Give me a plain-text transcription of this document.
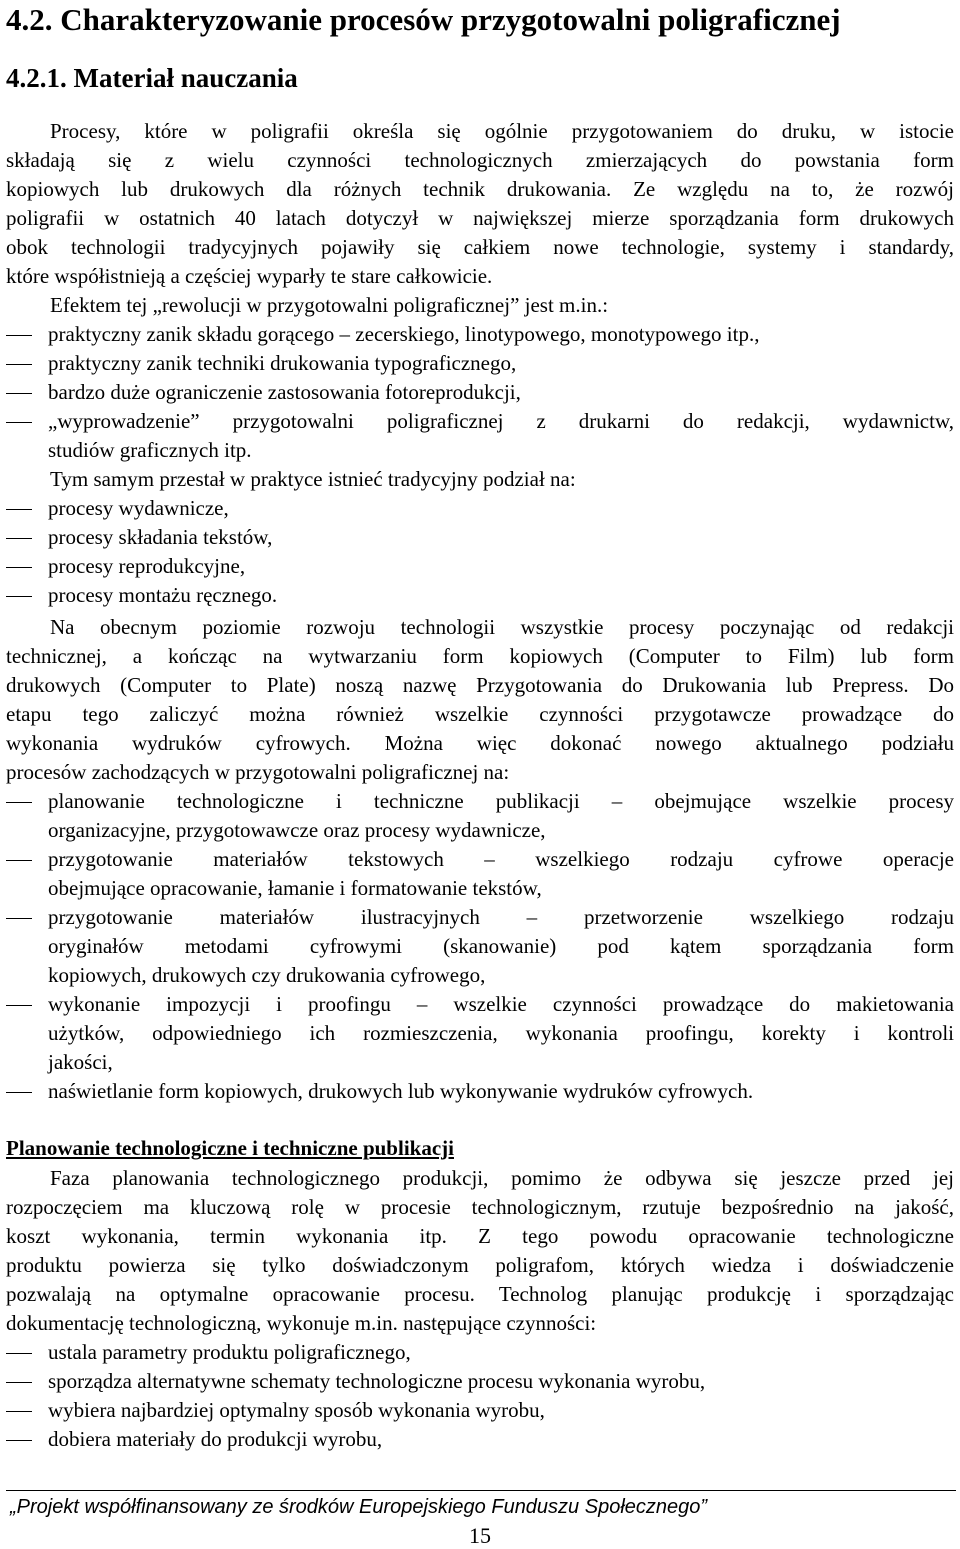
4.2. Charakteryzowanie procesów przygotowalni poligraficznej
4.2.1. Materiał nauczania
Procesy, które w poligrafii określa się ogólnie przygotowaniem do druku, w istocie
składają się z wielu czynności technologicznych zmierzających do powstania form
kopiowych lub drukowych dla różnych technik drukowania. Ze względu na to, że rozwój
poligrafii w ostatnich 40 latach dotyczył w największej mierze sporządzania form drukowych
obok technologii tradycyjnych pojawiły się całkiem nowe technologie, systemy i standardy,
które współistnieją a częściej wyparły te stare całkowicie.
Efektem tej „rewolucji w przygotowalni poligraficznej” jest m.in.:
praktyczny zanik składu gorącego – zecerskiego, linotypowego, monotypowego itp.,
praktyczny zanik techniki drukowania typograficznego,
bardzo duże ograniczenie zastosowania fotoreprodukcji,
„wyprowadzenie” przygotowalni poligraficznej z drukarni do redakcji, wydawnictw,
studiów graficznych itp.
Tym samym przestał w praktyce istnieć tradycyjny podział na:
procesy wydawnicze,
procesy składania tekstów,
procesy reprodukcyjne,
procesy montażu ręcznego.
Na obecnym poziomie rozwoju technologii wszystkie procesy poczynając od redakcji
technicznej, a kończąc na wytwarzaniu form kopiowych (Computer to Film) lub form
drukowych (Computer to Plate) noszą nazwę Przygotowania do Drukowania lub Prepress. Do
etapu tego zaliczyć można również wszelkie czynności przygotawcze prowadzące do
wykonania wydruków cyfrowych. Można więc dokonać nowego aktualnego podziału
procesów zachodzących w przygotowalni poligraficznej na:
planowanie technologiczne i techniczne publikacji – obejmujące wszelkie procesy
organizacyjne, przygotowawcze oraz procesy wydawnicze,
przygotowanie materiałów tekstowych – wszelkiego rodzaju cyfrowe operacje
obejmujące opracowanie, łamanie i formatowanie tekstów,
przygotowanie materiałów ilustracyjnych – przetworzenie wszelkiego rodzaju
oryginałów metodami cyfrowymi (skanowanie) pod kątem sporządzania form
kopiowych, drukowych czy drukowania cyfrowego,
wykonanie impozycji i proofingu – wszelkie czynności prowadzące do makietowania
użytków, odpowiedniego ich rozmieszczenia, wykonania proofingu, korekty i kontroli
jakości,
naświetlanie form kopiowych, drukowych lub wykonywanie wydruków cyfrowych.
Planowanie technologiczne i techniczne publikacji
Faza planowania technologicznego produkcji, pomimo że odbywa się jeszcze przed jej
rozpoczęciem ma kluczową rolę w procesie technologicznym, rzutuje bezpośrednio na jakość,
koszt wykonania, termin wykonania itp. Z tego powodu opracowanie technologiczne
produktu powierza się tylko doświadczonym poligrafom, których wiedza i doświadczenie
pozwalają na optymalne opracowanie procesu. Technolog planując produkcję i sporządzając
dokumentację technologiczną, wykonuje m.in. następujące czynności:
ustala parametry produktu poligraficznego,
sporządza alternatywne schematy technologiczne procesu wykonania wyrobu,
wybiera najbardziej optymalny sposób wykonania wyrobu,
dobiera materiały do produkcji wyrobu,
„Projekt współfinansowany ze środków Europejskiego Funduszu Społecznego”
15
